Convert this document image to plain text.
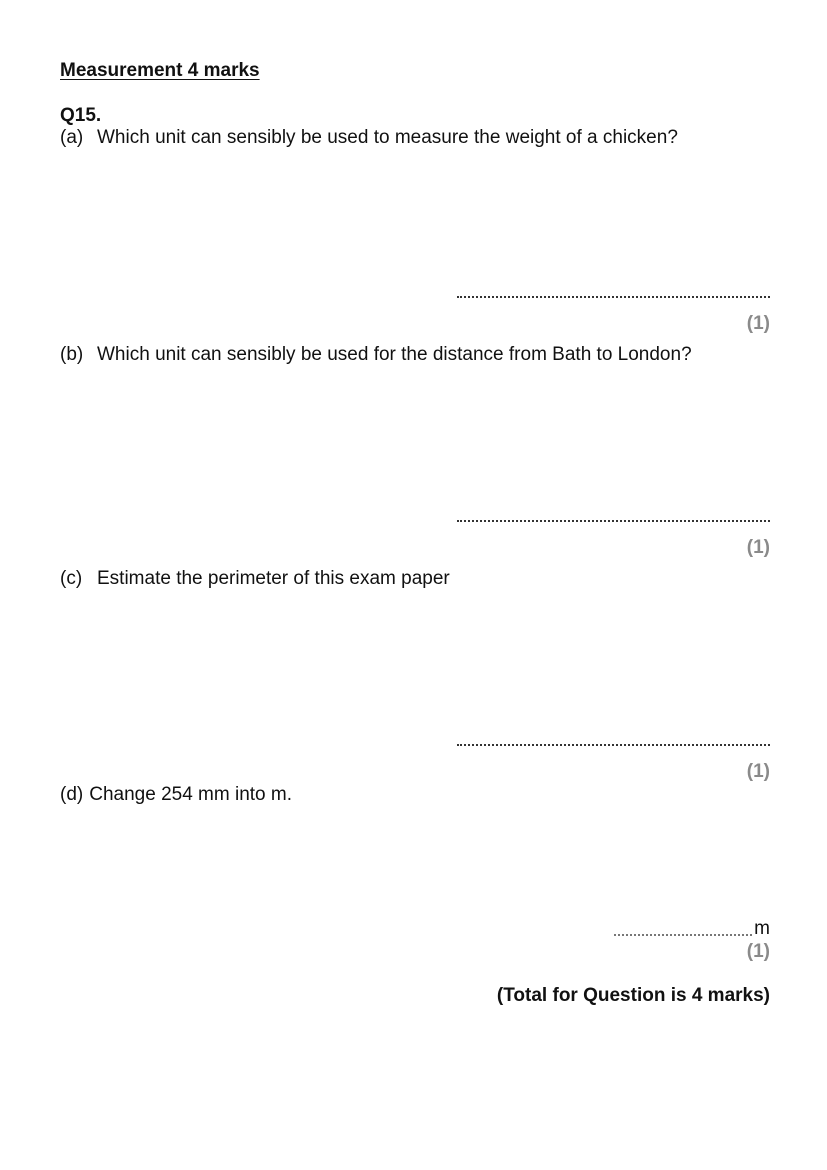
Measurement 4 marks
Q15.
(a) Which unit can sensibly be used to measure the weight of a chicken?
(1)
(b) Which unit can sensibly be used for the distance from Bath to London?
(1)
(c) Estimate the perimeter of this exam paper
(1)
(d) Change 254 mm into m.
m
(1)
(Total for Question is 4 marks)
